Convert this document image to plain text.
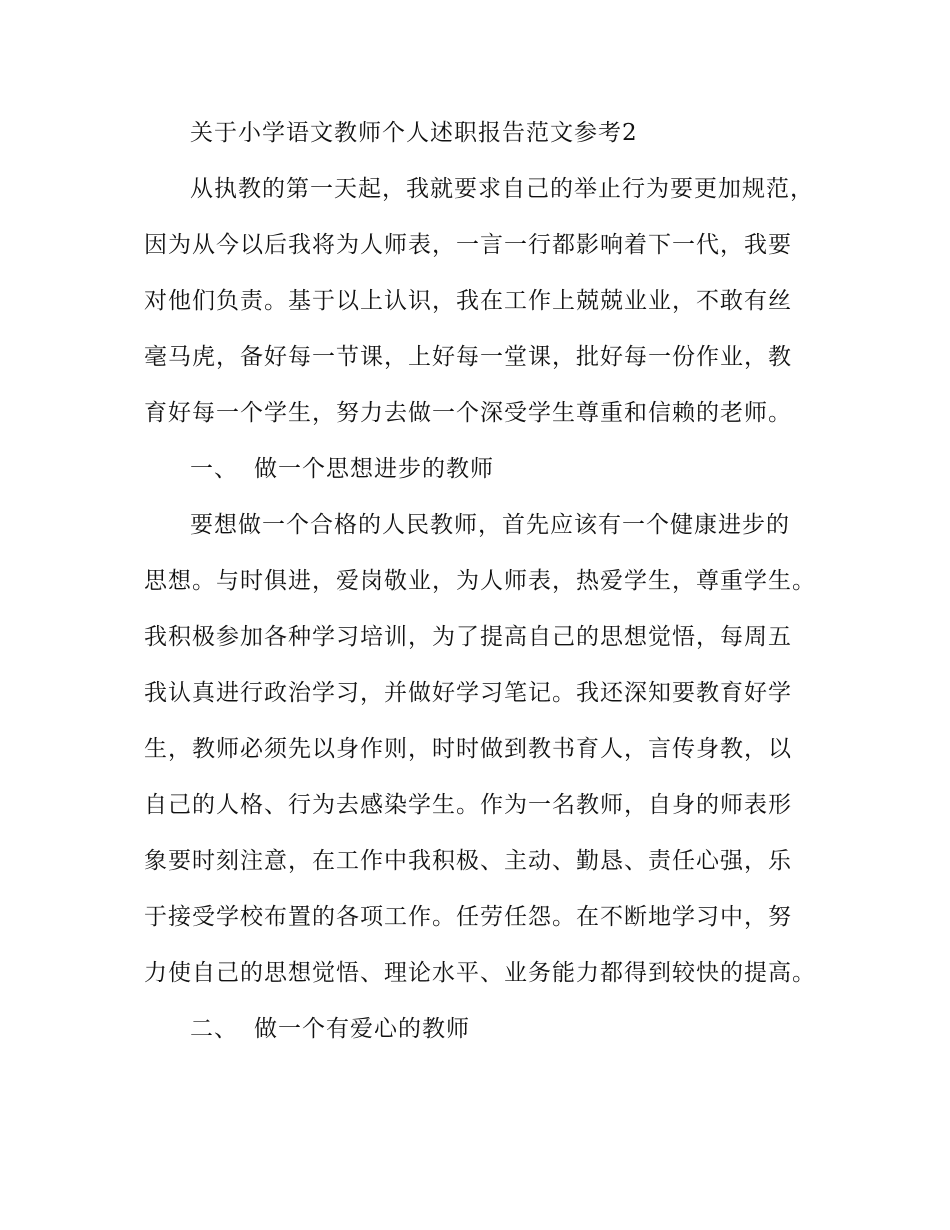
关于小学语文教师个人述职报告范文参考2
从执教的第一天起，我就要求自己的举止行为要更加规范，
因为从今以后我将为人师表，一言一行都影响着下一代，我要
对他们负责。基于以上认识，我在工作上兢兢业业，不敢有丝
毫马虎，备好每一节课，上好每一堂课，批好每一份作业，教
育好每一个学生，努力去做一个深受学生尊重和信赖的老师。
一、 做一个思想进步的教师
要想做一个合格的人民教师，首先应该有一个健康进步的
思想。与时俱进，爱岗敬业，为人师表，热爱学生，尊重学生。
我积极参加各种学习培训，为了提高自己的思想觉悟，每周五
我认真进行政治学习，并做好学习笔记。我还深知要教育好学
生，教师必须先以身作则，时时做到教书育人，言传身教，以
自己的人格、行为去感染学生。作为一名教师，自身的师表形
象要时刻注意，在工作中我积极、主动、勤恳、责任心强，乐
于接受学校布置的各项工作。任劳任怨。在不断地学习中，努
力使自己的思想觉悟、理论水平、业务能力都得到较快的提高。
二、 做一个有爱心的教师
